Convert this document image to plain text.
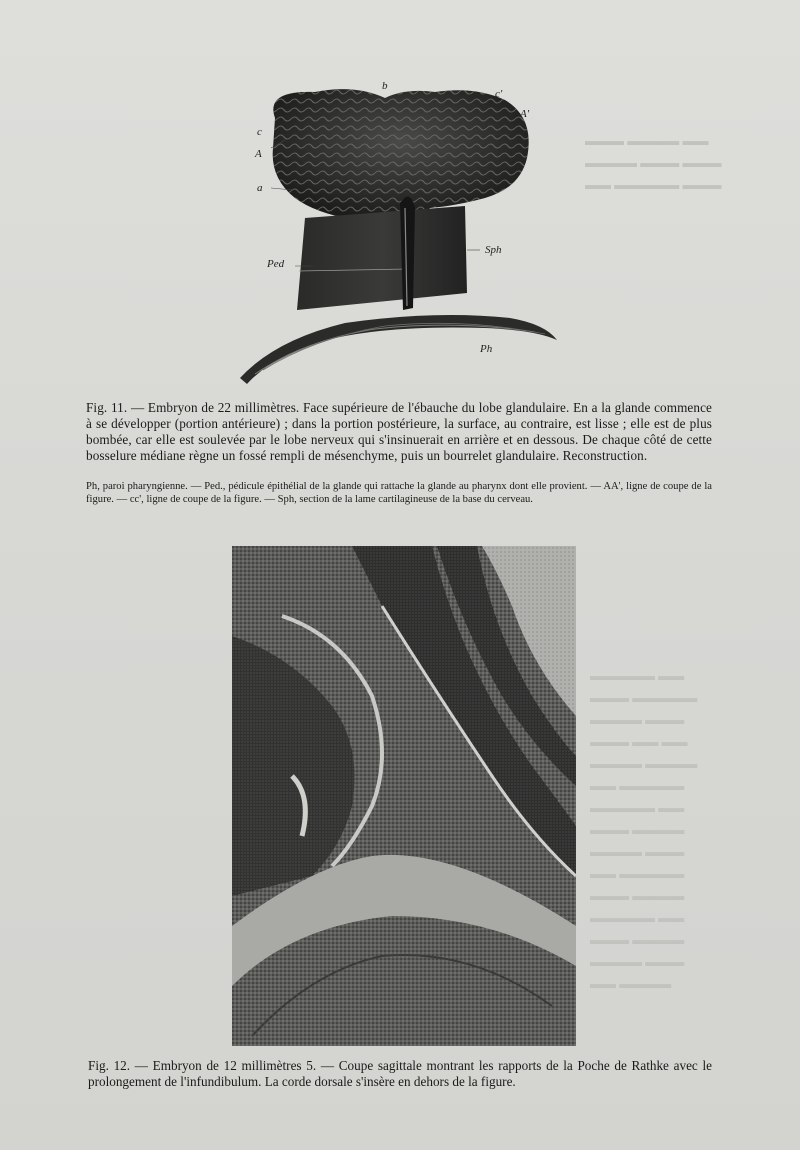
▬▬▬ ▬▬▬▬ ▬▬
▬▬▬▬ ▬▬▬ ▬▬▬
▬▬ ▬▬▬▬▬ ▬▬▬
▬▬▬▬▬ ▬▬
▬▬▬ ▬▬▬▬▬
▬▬▬▬ ▬▬▬
▬▬▬ ▬▬ ▬▬
▬▬▬▬ ▬▬▬▬
▬▬ ▬▬▬▬▬
▬▬▬▬▬ ▬▬
▬▬▬ ▬▬▬▬
▬▬▬▬ ▬▬▬
▬▬ ▬▬▬▬▬
▬▬▬ ▬▬▬▬
▬▬▬▬▬ ▬▬
▬▬▬ ▬▬▬▬
▬▬▬▬ ▬▬▬
▬▬ ▬▬▬▬
b
c'
A'
c
A
a
Ped
Sph
Ph

Fig. 11. — Embryon de 22 millimètres. Face supérieure de l'ébauche du lobe glandulaire. En a la glande commence à se développer (portion antérieure) ; dans la portion postérieure, la surface, au contraire, est lisse ; elle est de plus bombée, car elle est soulevée par le lobe nerveux qui s'insinuerait en arrière et en dessous. De chaque côté de cette bosselure médiane règne un fossé rempli de mésenchyme, puis un bourrelet glandulaire. Reconstruction.

Ph, paroi pharyngienne. — Ped., pédicule épithélial de la glande qui rattache la glande au pharynx dont elle provient. — AA', ligne de coupe de la figure. — cc', ligne de coupe de la figure. — Sph, section de la lame cartilagineuse de la base du cerveau.

Fig. 12. — Embryon de 12 millimètres 5. — Coupe sagittale montrant les rapports de la Poche de Rathke avec le prolongement de l'infundibulum. La corde dorsale s'insère en dehors de la figure.
